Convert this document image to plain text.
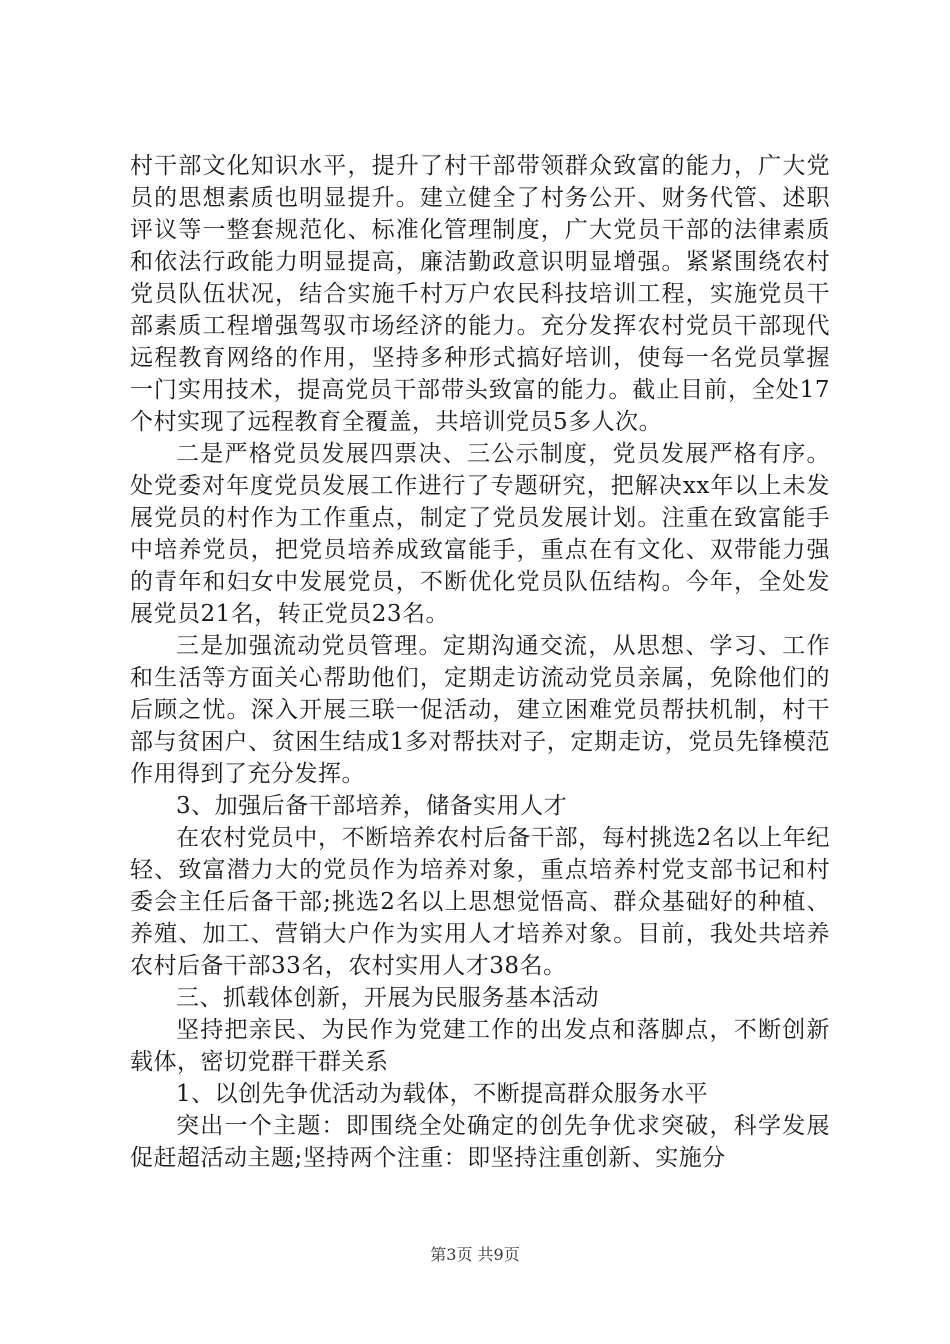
村干部文化知识水平，提升了村干部带领群众致富的能力，广大党员的思想素质也明显提升。建立健全了村务公开、财务代管、述职评议等一整套规范化、标准化管理制度，广大党员干部的法律素质和依法行政能力明显提高，廉洁勤政意识明显增强。紧紧围绕农村党员队伍状况，结合实施千村万户农民科技培训工程，实施党员干部素质工程增强驾驭市场经济的能力。充分发挥农村党员干部现代远程教育网络的作用，坚持多种形式搞好培训，使每一名党员掌握一门实用技术，提高党员干部带头致富的能力。截止目前，全处17个村实现了远程教育全覆盖，共培训党员5多人次。

二是严格党员发展四票决、三公示制度，党员发展严格有序。处党委对年度党员发展工作进行了专题研究，把解决xx年以上未发展党员的村作为工作重点，制定了党员发展计划。注重在致富能手中培养党员，把党员培养成致富能手，重点在有文化、双带能力强的青年和妇女中发展党员，不断优化党员队伍结构。今年，全处发展党员21名，转正党员23名。

三是加强流动党员管理。定期沟通交流，从思想、学习、工作和生活等方面关心帮助他们，定期走访流动党员亲属，免除他们的后顾之忧。深入开展三联一促活动，建立困难党员帮扶机制，村干部与贫困户、贫困生结成1多对帮扶对子，定期走访，党员先锋模范作用得到了充分发挥。

3、加强后备干部培养，储备实用人才

在农村党员中，不断培养农村后备干部，每村挑选2名以上年纪轻、致富潜力大的党员作为培养对象，重点培养村党支部书记和村委会主任后备干部;挑选2名以上思想觉悟高、群众基础好的种植、养殖、加工、营销大户作为实用人才培养对象。目前，我处共培养农村后备干部33名，农村实用人才38名。

三、抓载体创新，开展为民服务基本活动

坚持把亲民、为民作为党建工作的出发点和落脚点，不断创新载体，密切党群干群关系

1、以创先争优活动为载体，不断提高群众服务水平

突出一个主题：即围绕全处确定的创先争优求突破，科学发展促赶超活动主题;坚持两个注重：即坚持注重创新、实施分

第3页 共9页
